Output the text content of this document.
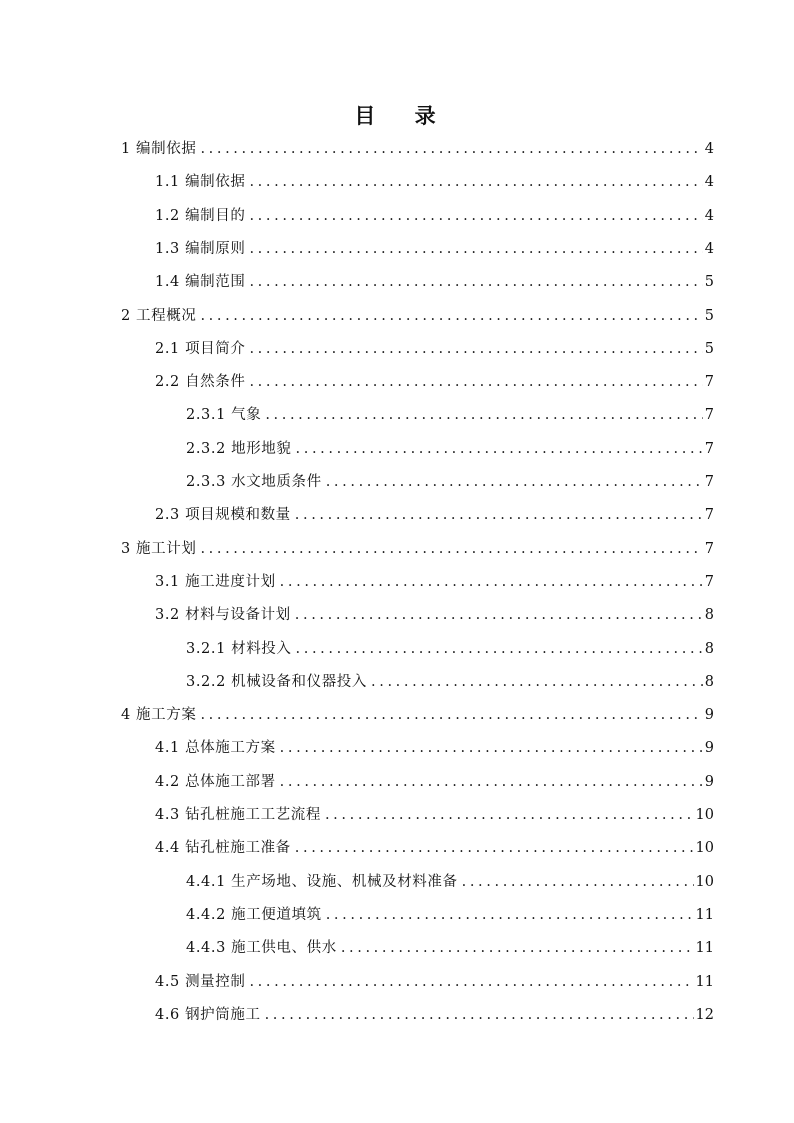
目 录
1 编制依据 . . .	4
1.1 编制依据 . . .	4
1.2 编制目的 . . .	4
1.3 编制原则 . . .	4
1.4 编制范围 . . .	5
2 工程概况 . . .	5
2.1 项目简介 . . .	5
2.2 自然条件 . . .	7
2.3.1 气象 . . .	7
2.3.2 地形地貌 . . .	7
2.3.3 水文地质条件 . . .	7
2.3 项目规模和数量 . . .	7
3 施工计划 . . .	7
3.1 施工进度计划 . . .	7
3.2 材料与设备计划 . . .	8
3.2.1 材料投入 . . .	8
3.2.2 机械设备和仪器投入 . . .	8
4 施工方案 . . .	9
4.1 总体施工方案 . . .	9
4.2 总体施工部署 . . .	9
4.3 钻孔桩施工工艺流程 . . .	10
4.4 钻孔桩施工准备 . . .	10
4.4.1 生产场地、设施、机械及材料准备 . . .	10
4.4.2 施工便道填筑 . . .	11
4.4.3 施工供电、供水 . . .	11
4.5 测量控制 . . .	11
4.6 钢护筒施工 . . .	12
